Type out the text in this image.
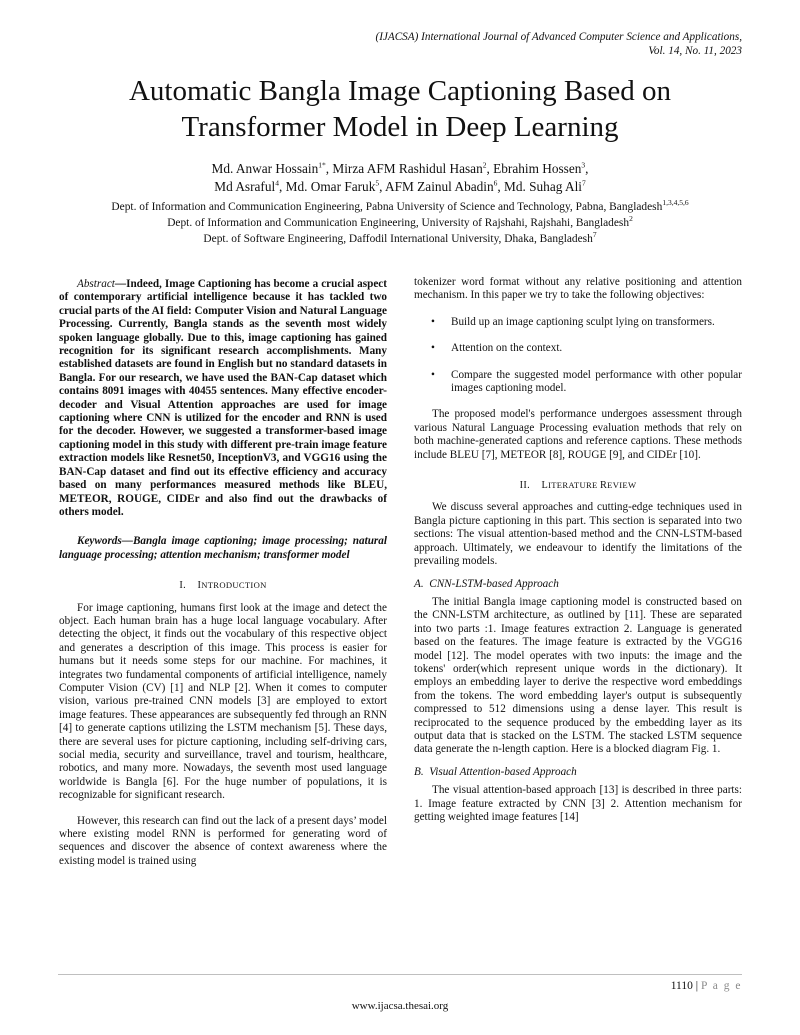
(IJACSA) International Journal of Advanced Computer Science and Applications,
Vol. 14, No. 11, 2023
Automatic Bangla Image Captioning Based on
Transformer Model in Deep Learning
Md. Anwar Hossain$^{1*}$, Mirza AFM Rashidul Hasan$^2$, Ebrahim Hossen$^3$,
Md Asraful$^4$, Md. Omar Faruk$^5$, AFM Zainul Abadin$^6$, Md. Suhag Ali$^7$
Dept. of Information and Communication Engineering, Pabna University of Science and Technology, Pabna, Bangladesh$^{1,3,4,5,6}$
Dept. of Information and Communication Engineering, University of Rajshahi, Rajshahi, Bangladesh$^2$
Dept. of Software Engineering, Daffodil International University, Dhaka, Bangladesh$^7$

Abstract—Indeed, Image Captioning has become a crucial aspect of contemporary artificial intelligence because it has tackled two crucial parts of the AI field: Computer Vision and Natural Language Processing. Currently, Bangla stands as the seventh most widely spoken language globally. Due to this, image captioning has gained recognition for its significant research accomplishments. Many established datasets are found in English but no standard datasets in Bangla. For our research, we have used the BAN-Cap dataset which contains 8091 images with 40455 sentences. Many effective encoder-decoder and Visual Attention approaches are used for image captioning where CNN is utilized for the encoder and RNN is used for the decoder. However, we suggested a transformer-based image captioning model in this study with different pre-train image feature extraction models like Resnet50, InceptionV3, and VGG16 using the BAN-Cap dataset and find out its effective efficiency and accuracy based on many performances measured methods like BLEU, METEOR, ROUGE, CIDEr and also find out the drawbacks of others model.

Keywords—Bangla image captioning; image processing; natural language processing; attention mechanism; transformer model

I. INTRODUCTION

For image captioning, humans first look at the image and detect the object. Each human brain has a huge local language vocabulary. After detecting the object, it finds out the vocabulary of this respective object and generates a description of this image. This process is easier for humans but it needs some steps for our machine. For machines, it integrates two fundamental components of artificial intelligence, namely Computer Vision (CV) [1] and NLP [2]. When it comes to computer vision, various pre-trained CNN models [3] are employed to extort image features. These appearances are subsequently fed through an RNN [4] to generate captions utilizing the LSTM mechanism [5]. These days, there are several uses for picture captioning, including self-driving cars, social media, security and surveillance, travel and tourism, healthcare, robotics, and many more. Nowadays, the seventh most used language worldwide is Bangla [6]. For the huge number of populations, it is recognizable for significant research.

However, this research can find out the lack of a present days’ model where existing model RNN is performed for generating word of sequences and discover the absence of context awareness where the existing model is trained using

tokenizer word format without any relative positioning and attention mechanism. In this paper we try to take the following objectives:

• Build up an image captioning sculpt lying on transformers.
• Attention on the context.
• Compare the suggested model performance with other popular images captioning model.

The proposed model's performance undergoes assessment through various Natural Language Processing evaluation methods that rely on both machine-generated captions and reference captions. These methods include BLEU [7], METEOR [8], ROUGE [9], and CIDEr [10].

II. LITERATURE REVIEW

We discuss several approaches and cutting-edge techniques used in Bangla picture captioning in this part. This section is separated into two sections: The visual attention-based method and the CNN-LSTM-based approach. Ultimately, we endeavour to identify the limitations of the prevailing models.

A. CNN-LSTM-based Approach

The initial Bangla image captioning model is constructed based on the CNN-LSTM architecture, as outlined by [11]. These are separated into two parts :1. Image features extraction 2. Language is generated based on the features. The image feature is extracted by the VGG16 model [12]. The model operates with two inputs: the image and the tokens' order(which represent unique words in the dictionary). It employs an embedding layer to derive the respective word embeddings from the tokens. The word embedding layer's output is subsequently compressed to 512 dimensions using a dense layer. This result is reciprocated to the sequence produced by the embedding layer as its output data that is stacked on the LSTM. The stacked LSTM sequence data generate the n-length caption. Here is a blocked diagram Fig. 1.

B. Visual Attention-based Approach

The visual attention-based approach [13] is described in three parts: 1. Image feature extracted by CNN [3] 2. Attention mechanism for getting weighted image features [14]

1110 | P a g e
www.ijacsa.thesai.org
